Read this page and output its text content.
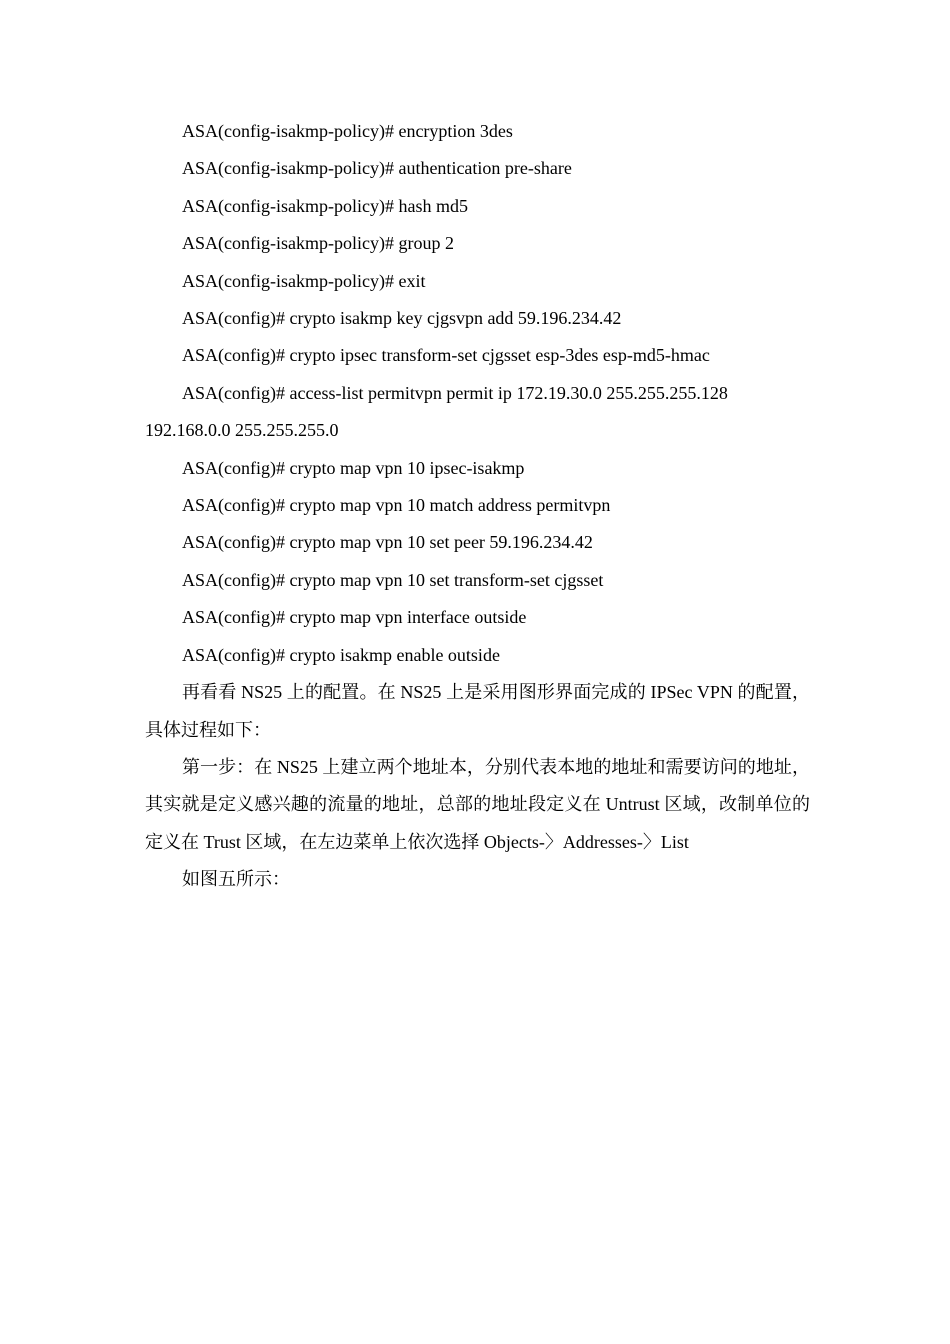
ASA(config-isakmp-policy)# encryption 3des

ASA(config-isakmp-policy)# authentication pre-share

ASA(config-isakmp-policy)# hash md5

ASA(config-isakmp-policy)# group 2

ASA(config-isakmp-policy)# exit

ASA(config)# crypto isakmp key cjgsvpn add 59.196.234.42

ASA(config)# crypto ipsec transform-set cjgsset esp-3des esp-md5-hmac

ASA(config)# access-list permitvpn permit ip 172.19.30.0 255.255.255.128

192.168.0.0 255.255.255.0

ASA(config)# crypto map vpn 10 ipsec-isakmp

ASA(config)# crypto map vpn 10 match address permitvpn

ASA(config)# crypto map vpn 10 set peer 59.196.234.42

ASA(config)# crypto map vpn 10 set transform-set cjgsset

ASA(config)# crypto map vpn interface outside

ASA(config)# crypto isakmp enable outside

再看看 NS25 上的配置。在 NS25 上是采用图形界面完成的 IPSec VPN 的配置，具体过程如下：

第一步：在 NS25 上建立两个地址本，分别代表本地的地址和需要访问的地址，其实就是定义感兴趣的流量的地址，总部的地址段定义在 Untrust 区域，改制单位的定义在 Trust 区域，在左边菜单上依次选择 Objects-〉Addresses-〉List

如图五所示：
